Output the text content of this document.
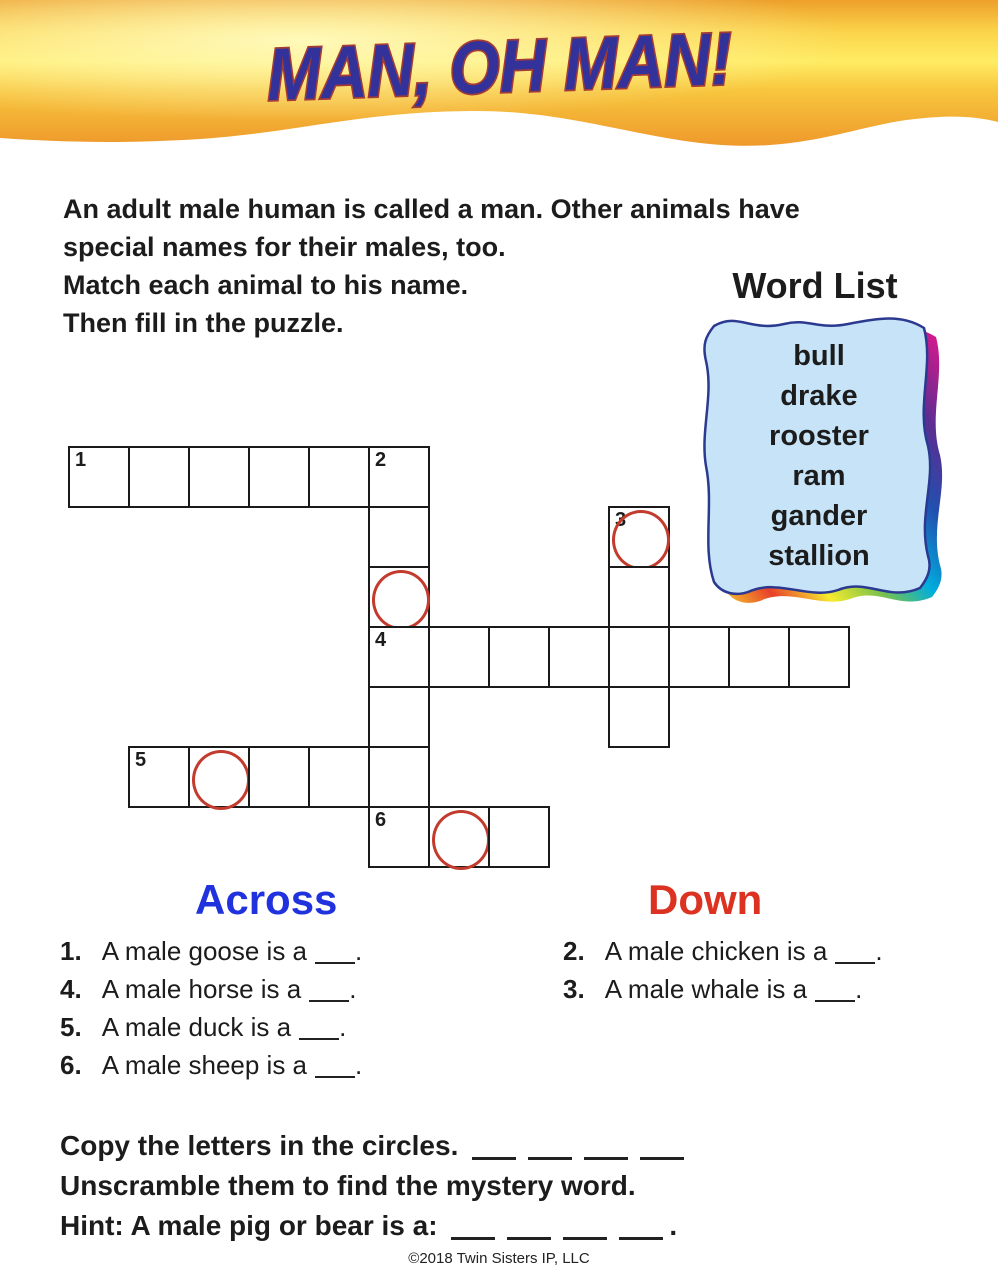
MAN, OH MAN!
An adult male human is called a man. Other animals have
special names for their males, too.
Match each animal to his name.
Then fill in the puzzle.
Word List
bull
drake
rooster
ram
gander
stallion
1	2
3
4
5
6
Across	Down
1. A male goose is a .
4. A male horse is a .
5. A male duck is a .
6. A male sheep is a .
2. A male chicken is a .
3. A male whale is a .
Copy the letters in the circles.
Unscramble them to find the mystery word.
Hint: A male pig or bear is a:	.
©2018 Twin Sisters IP, LLC
